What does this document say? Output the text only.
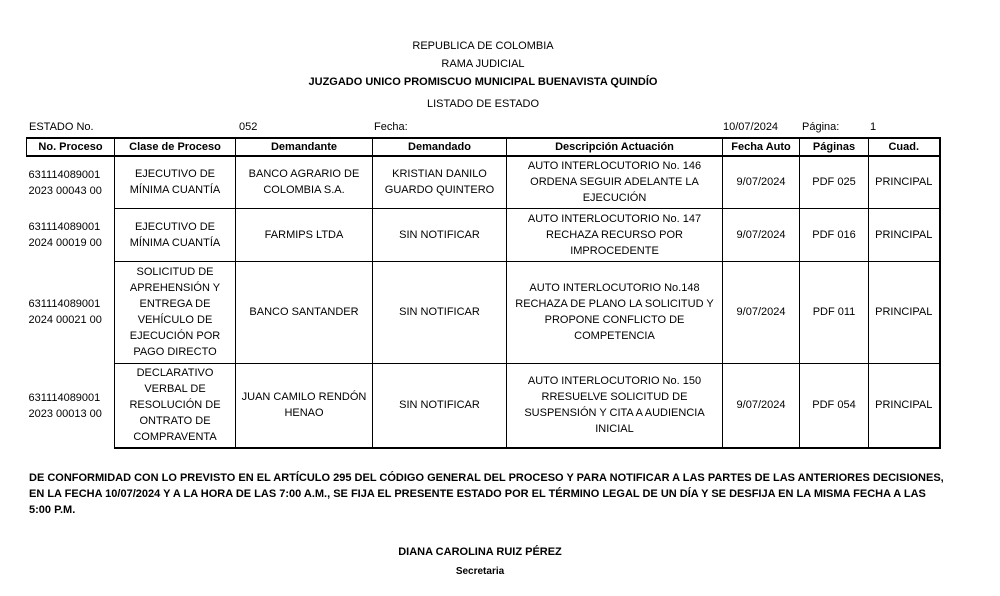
REPUBLICA DE COLOMBIA
RAMA JUDICIAL
JUZGADO UNICO PROMISCUO MUNICIPAL BUENAVISTA QUINDÍO
LISTADO DE ESTADO
ESTADO No.	052	Fecha:	10/07/2024 Página:	1
No. Proceso	Clase de Proceso	Demandante	Demandado	Descripción Actuación	Fecha Auto	Páginas	Cuad.
631114089001
2023 00043 00	EJECUTIVO DE MÍNIMA CUANTÍA	BANCO AGRARIO DE COLOMBIA S.A.	KRISTIAN DANILO GUARDO QUINTERO	AUTO INTERLOCUTORIO No. 146 ORDENA SEGUIR ADELANTE LA EJECUCIÓN	9/07/2024	PDF 025	PRINCIPAL
631114089001
2024 00019 00	EJECUTIVO DE MÍNIMA CUANTÍA	FARMIPS LTDA	SIN NOTIFICAR	AUTO INTERLOCUTORIO No. 147 RECHAZA RECURSO POR IMPROCEDENTE	9/07/2024	PDF 016	PRINCIPAL
631114089001
2024 00021 00	SOLICITUD DE APREHENSIÓN Y ENTREGA DE VEHÍCULO DE EJECUCIÓN POR PAGO DIRECTO	BANCO SANTANDER	SIN NOTIFICAR	AUTO INTERLOCUTORIO No.148 RECHAZA DE PLANO LA SOLICITUD Y PROPONE CONFLICTO DE COMPETENCIA	9/07/2024	PDF 011	PRINCIPAL
631114089001
2023 00013 00	DECLARATIVO VERBAL DE RESOLUCIÓN DE ONTRATO DE COMPRAVENTA	JUAN CAMILO RENDÓN HENAO	SIN NOTIFICAR	AUTO INTERLOCUTORIO No. 150 RRESUELVE SOLICITUD DE SUSPENSIÓN Y CITA A AUDIENCIA INICIAL	9/07/2024	PDF 054	PRINCIPAL
DE CONFORMIDAD CON LO PREVISTO EN EL ARTÍCULO 295 DEL CÓDIGO GENERAL DEL PROCESO Y PARA NOTIFICAR A LAS PARTES DE LAS ANTERIORES DECISIONES, EN LA FECHA 10/07/2024 Y A LA HORA DE LAS 7:00 A.M., SE FIJA EL PRESENTE ESTADO POR EL TÉRMINO LEGAL DE UN DÍA Y SE DESFIJA EN LA MISMA FECHA A LAS 5:00 P.M.
DIANA CAROLINA RUIZ PÉREZ
Secretaria
